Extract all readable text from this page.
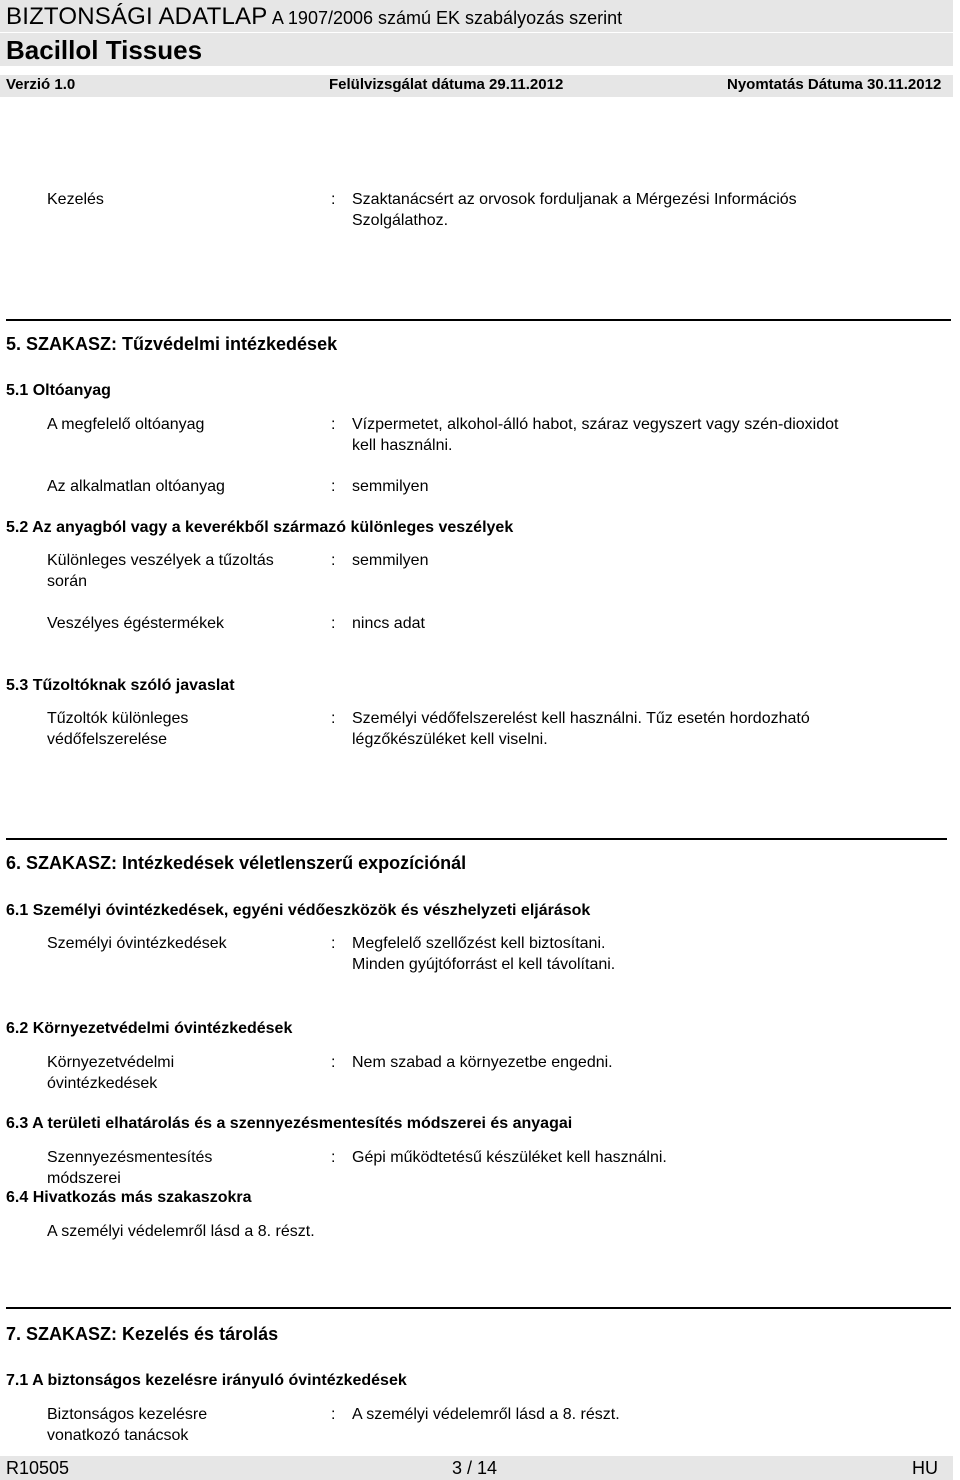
BIZTONSÁGI ADATLAP A 1907/2006 számú EK szabályozás szerint
Bacillol Tissues
Verzió 1.0	Felülvizsgálat dátuma 29.11.2012	Nyomtatás Dátuma 30.11.2012
Kezelés	: Szaktanácsért az orvosok forduljanak a Mérgezési Információs
Szolgálathoz.
5. SZAKASZ: Tűzvédelmi intézkedések
5.1 Oltóanyag
A megfelelő oltóanyag	: Vízpermetet, alkohol-álló habot, száraz vegyszert vagy szén-dioxidot
kell használni.
Az alkalmatlan oltóanyag	: semmilyen
5.2 Az anyagból vagy a keverékből származó különleges veszélyek
Különleges veszélyek a tűzoltás
során
: semmilyen
Veszélyes égéstermékek	: nincs adat
5.3 Tűzoltóknak szóló javaslat
Tűzoltók különleges
védőfelszerelése
: Személyi védőfelszerelést kell használni. Tűz esetén hordozható
légzőkészüléket kell viselni.
6. SZAKASZ: Intézkedések véletlenszerű expozíciónál
6.1 Személyi óvintézkedések, egyéni védőeszközök és vészhelyzeti eljárások
Személyi óvintézkedések	: Megfelelő szellőzést kell biztosítani.
Minden gyújtóforrást el kell távolítani.
6.2 Környezetvédelmi óvintézkedések
Környezetvédelmi
óvintézkedések
: Nem szabad a környezetbe engedni.
6.3 A területi elhatárolás és a szennyezésmentesítés módszerei és anyagai
Szennyezésmentesítés
módszerei
: Gépi működtetésű készüléket kell használni.
6.4 Hivatkozás más szakaszokra
A személyi védelemről lásd a 8. részt.
7. SZAKASZ: Kezelés és tárolás
7.1 A biztonságos kezelésre irányuló óvintézkedések
Biztonságos kezelésre
vonatkozó tanácsok
: A személyi védelemről lásd a 8. részt.
R10505	3 / 14	HU
